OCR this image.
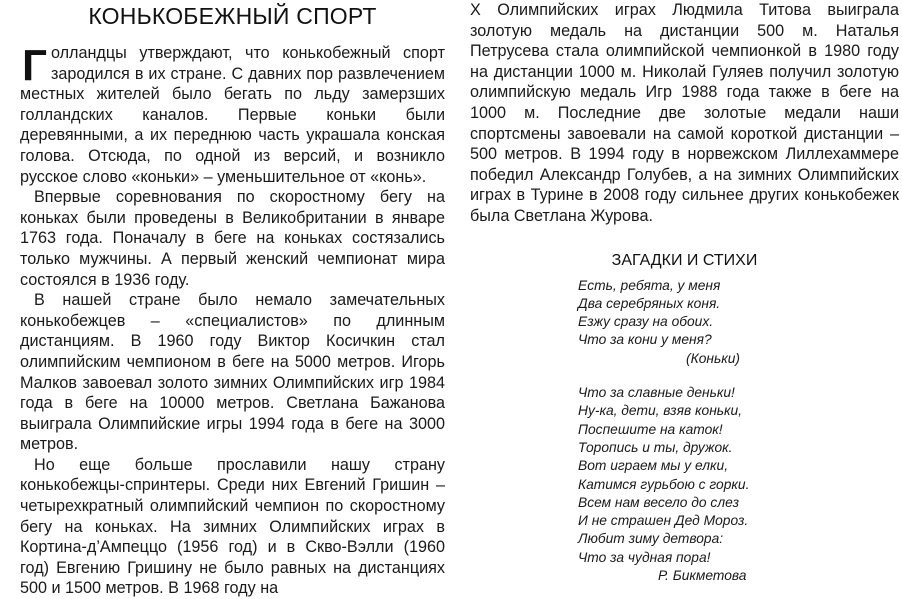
КОНЬКОБЕЖНЫЙ СПОРТ

Голландцы утверждают, что конькобежный спорт зародился в их стране. С давних пор развлечением местных жителей было бегать по льду замерзших голландских каналов. Первые коньки были деревянными, а их переднюю часть украшала конская голова. Отсюда, по одной из версий, и возникло русское слово «коньки» – уменьшительное от «конь».

Впервые соревнования по скоростному бегу на коньках были проведены в Великобритании в январе 1763 года. Поначалу в беге на коньках состязались только мужчины. А первый женский чемпионат мира состоялся в 1936 году.

В нашей стране было немало замечательных конькобежцев – «специалистов» по длинным дистанциям. В 1960 году Виктор Косичкин стал олимпийским чемпионом в беге на 5000 метров. Игорь Малков завоевал золото зимних Олимпийских игр 1984 года в беге на 10000 метров. Светлана Бажанова выиграла Олимпийские игры 1994 года в беге на 3000 метров.

Но еще больше прославили нашу страну конькобежцы-спринтеры. Среди них Евгений Гришин – четырехкратный олимпийский чемпион по скоростному бегу на коньках. На зимних Олимпийских играх в Кортина-д’Ампеццо (1956 год) и в Скво-Вэлли (1960 год) Евгению Гришину не было равных на дистанциях 500 и 1500 метров. В 1968 году на

Х Олимпийских играх Людмила Титова выиграла золотую медаль на дистанции 500 м. Наталья Петрусева стала олимпийской чемпионкой в 1980 году на дистанции 1000 м. Николай Гуляев получил золотую олимпийскую медаль Игр 1988 года также в беге на 1000 м. Последние две золотые медали наши спортсмены завоевали на самой короткой дистанции – 500 метров. В 1994 году в норвежском Лиллехаммере победил Александр Голубев, а на зимних Олимпийских играх в Турине в 2008 году сильнее других конькобежек была Светлана Журова.

ЗАГАДКИ И СТИХИ
Есть, ребята, у меня
Два серебряных коня.
Езжу сразу на обоих.
Что за кони у меня?
(Коньки)
Что за славные деньки!
Ну-ка, дети, взяв коньки,
Поспешите на каток!
Торопись и ты, дружок.
Вот играем мы у елки,
Катимся гурьбою с горки.
Всем нам весело до слез
И не страшен Дед Мороз.
Любит зиму детвора:
Что за чудная пора!
Р. Бикметова
